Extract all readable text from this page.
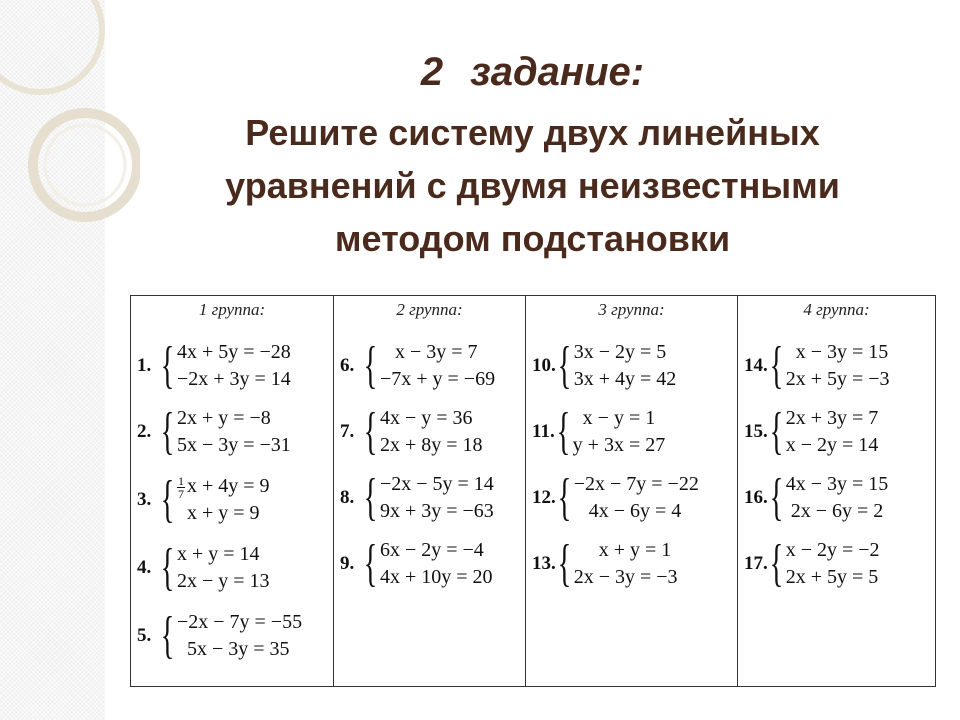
2 задание:

Решите систему двух линейных

уравнений с двумя неизвестными

методом подстановки

1 группа:
1. { 4x + 5y = −28
−2x + 3y = 14
2. { 2x + y = −8
5x − 3y = −31
3. { $\frac{1}{7}$ x + 4y = 9
x + y = 9
4. { x + y = 14
2x − y = 13
5. { −2x − 7y = −55
5x − 3y = 35
2 группа:
6. { x − 3y = 7
−7x + y = −69
7. { 4x − y = 36
2x + 8y = 18
8. { −2x − 5y = 14
9x + 3y = −63
9. { 6x − 2y = −4
4x + 10y = 20
3 группа:
10. { 3x − 2y = 5
3x + 4y = 42
11. { x − y = 1
y + 3x = 27
12. { −2x − 7y = −22
4x − 6y = 4
13. { x + y = 1
2x − 3y = −3
4 группа:
14. { x − 3y = 15
2x + 5y = −3
15. { 2x + 3y = 7
x − 2y = 14
16. { 4x − 3y = 15
2x − 6y = 2
17. { x − 2y = −2
2x + 5y = 5
